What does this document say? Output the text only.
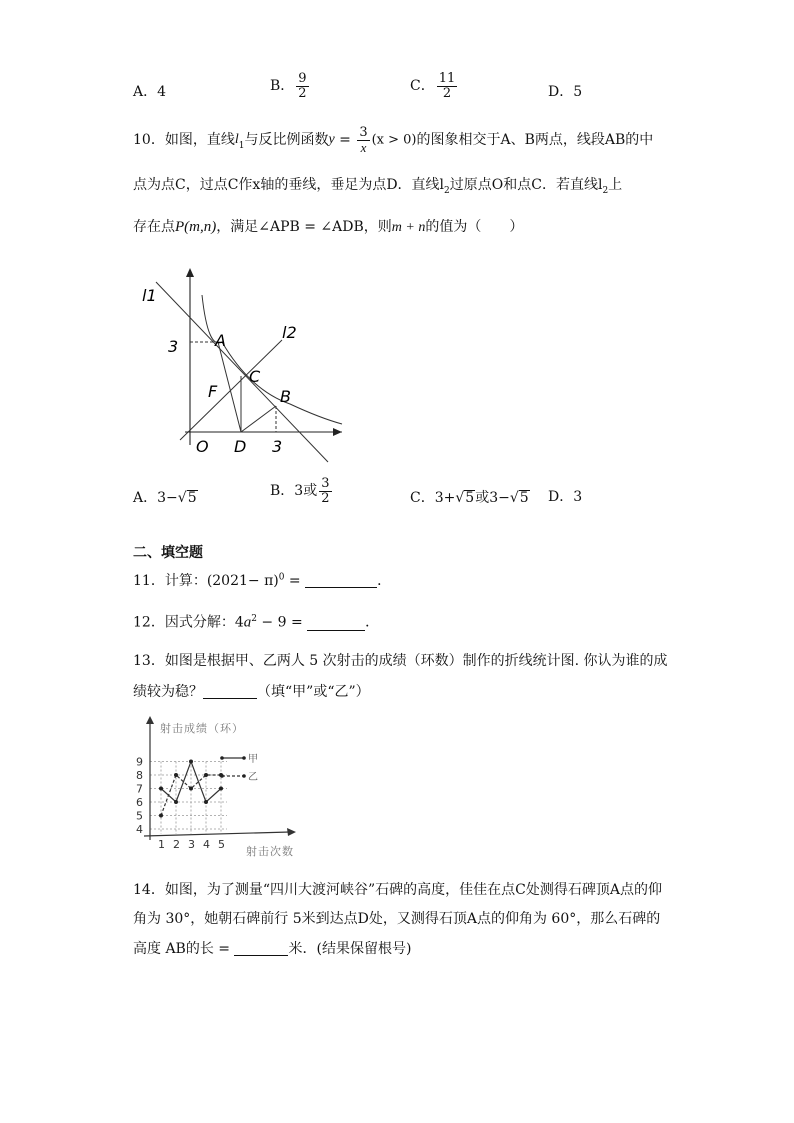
A．4	B． $\frac{9}{2}$	C． $\frac{11}{2}$	D．5
10．如图，直线$l_1$与反比例函数$y = \frac{3}{x} (x > 0)$的图象相交于A、B两点，线段AB的中
点为点C，过点C作x轴的垂线，垂足为点D．直线$l_2$过原点O和点C．若直线$l_2$上
存在点P(m,n)，满足∠APB = ∠ADB，则m + n的值为（　　）
l1
l2
3 A
C
F	B
O D 3
A．3−√5	B．3或 $\frac{3}{2}$	C．3+√5或3−√5 D．3
二、填空题
11．计算：$(2021- \pi)^0$ =	．
12．因式分解：$4a^2 - 9$ =	．
13．如图是根据甲、乙两人 5 次射击的成绩（环数）制作的折线统计图. 你认为谁的成
绩较为稳？	（填“甲”或“乙”）
射击成绩（环）
射击次数
甲
乙
4
5
6
7
8
9
1 2 3 4 5
14．如图，为了测量“四川大渡河峡谷”石碑的高度，佳佳在点C处测得石碑顶A点的仰
角为 30°，她朝石碑前行 5米到达点D处，又测得石顶A点的仰角为 60°，那么石碑的
高度 AB的长 =	米．(结果保留根号)
